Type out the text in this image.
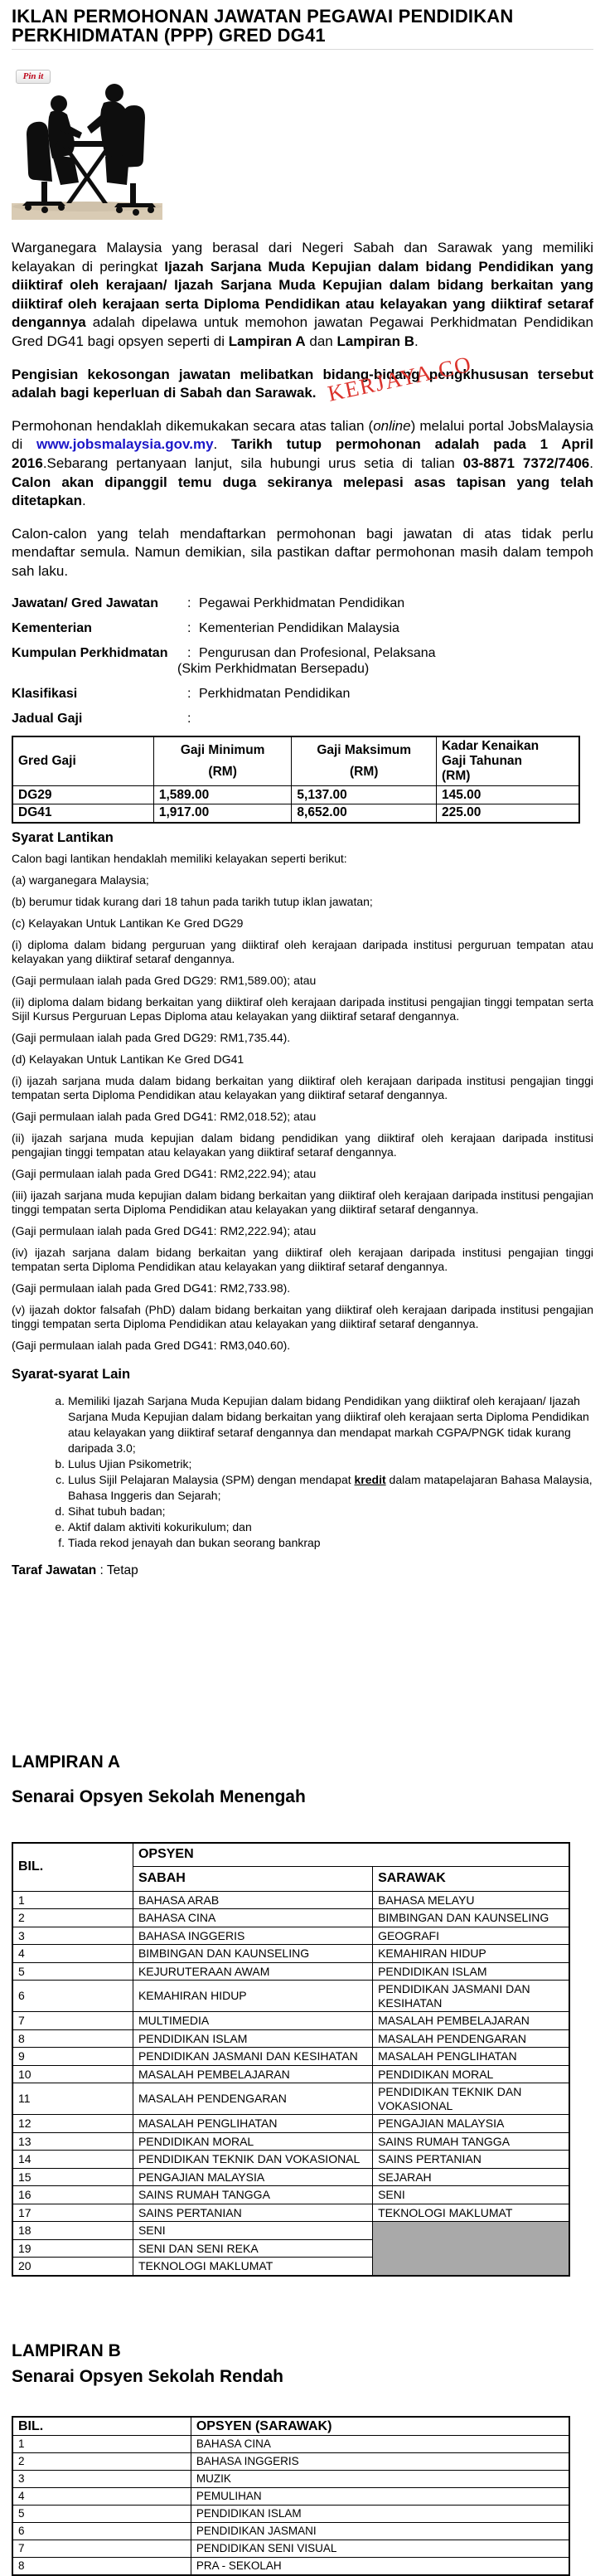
IKLAN PERMOHONAN JAWATAN PEGAWAI PENDIDIKAN PERKHIDMATAN (PPP) GRED DG41
Pin it

Warganegara Malaysia yang berasal dari Negeri Sabah dan Sarawak yang memiliki kelayakan di peringkat Ijazah Sarjana Muda Kepujian dalam bidang Pendidikan yang diiktiraf oleh kerajaan/ Ijazah Sarjana Muda Kepujian dalam bidang berkaitan yang diiktiraf oleh kerajaan serta Diploma Pendidikan atau kelayakan yang diiktiraf setaraf dengannya adalah dipelawa untuk memohon jawatan Pegawai Perkhidmatan Pendidikan Gred DG41 bagi opsyen seperti di Lampiran A dan Lampiran B.

Pengisian kekosongan jawatan melibatkan bidang-bidang pengkhususan tersebut adalah bagi keperluan di Sabah dan Sarawak.

Permohonan hendaklah dikemukakan secara atas talian (online) melalui portal JobsMalaysia di www.jobsmalaysia.gov.my. Tarikh tutup permohonan adalah pada 1 April 2016.Sebarang pertanyaan lanjut, sila hubungi urus setia di talian 03-8871 7372/7406. Calon akan dipanggil temu duga sekiranya melepasi asas tapisan yang telah ditetapkan.

Calon-calon yang telah mendaftarkan permohonan bagi jawatan di atas tidak perlu mendaftar semula. Namun demikian, sila pastikan daftar permohonan masih dalam tempoh sah laku.

Jawatan/ Gred Jawatan	: Pegawai Perkhidmatan Pendidikan
Kementerian	: Kementerian Pendidikan Malaysia
Kumpulan Perkhidmatan	: Pengurusan dan Profesional, Pelaksana
(Skim Perkhidmatan Bersepadu)
Klasifikasi	: Perkhidmatan Pendidikan
Jadual Gaji	:
Gred Gaji

Gaji Minimum
(RM)

Gaji Maksimum
(RM)

Kadar Kenaikan
Gaji Tahunan
(RM)

DG29	1,589.00	5,137.00	145.00
DG41	1,917.00	8,652.00	225.00
Syarat Lantikan

Calon bagi lantikan hendaklah memiliki kelayakan seperti berikut:

(a) warganegara Malaysia;

(b) berumur tidak kurang dari 18 tahun pada tarikh tutup iklan jawatan;

(c) Kelayakan Untuk Lantikan Ke Gred DG29

(i) diploma dalam bidang perguruan yang diiktiraf oleh kerajaan daripada institusi perguruan tempatan atau kelayakan yang diiktiraf setaraf dengannya.

(Gaji permulaan ialah pada Gred DG29: RM1,589.00); atau

(ii) diploma dalam bidang berkaitan yang diiktiraf oleh kerajaan daripada institusi pengajian tinggi tempatan serta Sijil Kursus Perguruan Lepas Diploma atau kelayakan yang diiktiraf setaraf dengannya.

(Gaji permulaan ialah pada Gred DG29: RM1,735.44).

(d) Kelayakan Untuk Lantikan Ke Gred DG41

(i) ijazah sarjana muda dalam bidang berkaitan yang diiktiraf oleh kerajaan daripada institusi pengajian tinggi tempatan serta Diploma Pendidikan atau kelayakan yang diiktiraf setaraf dengannya.

(Gaji permulaan ialah pada Gred DG41: RM2,018.52); atau

(ii) ijazah sarjana muda kepujian dalam bidang pendidikan yang diiktiraf oleh kerajaan daripada institusi pengajian tinggi tempatan atau kelayakan yang diiktiraf setaraf dengannya.

(Gaji permulaan ialah pada Gred DG41: RM2,222.94); atau

(iii) ijazah sarjana muda kepujian dalam bidang berkaitan yang diiktiraf oleh kerajaan daripada institusi pengajian tinggi tempatan serta Diploma Pendidikan atau kelayakan yang diiktiraf setaraf dengannya.

(Gaji permulaan ialah pada Gred DG41: RM2,222.94); atau

(iv) ijazah sarjana dalam bidang berkaitan yang diiktiraf oleh kerajaan daripada institusi pengajian tinggi tempatan serta Diploma Pendidikan atau kelayakan yang diiktiraf setaraf dengannya.

(Gaji permulaan ialah pada Gred DG41: RM2,733.98).

(v) ijazah doktor falsafah (PhD) dalam bidang berkaitan yang diiktiraf oleh kerajaan daripada institusi pengajian tinggi tempatan serta Diploma Pendidikan atau kelayakan yang diiktiraf setaraf dengannya.

(Gaji permulaan ialah pada Gred DG41: RM3,040.60).

Syarat-syarat Lain
Memiliki Ijazah Sarjana Muda Kepujian dalam bidang Pendidikan yang diiktiraf oleh kerajaan/ Ijazah Sarjana Muda Kepujian dalam bidang berkaitan yang diiktiraf oleh kerajaan serta Diploma Pendidikan atau kelayakan yang diiktiraf setaraf dengannya dan mendapat markah CGPA/PNGK tidak kurang daripada 3.0;
Lulus Ujian Psikometrik;
Lulus Sijil Pelajaran Malaysia (SPM) dengan mendapat kredit dalam matapelajaran Bahasa Malaysia, Bahasa Inggeris dan Sejarah;
Sihat tubuh badan;
Aktif dalam aktiviti kokurikulum; dan
Tiada rekod jenayah dan bukan seorang bankrap

Taraf Jawatan : Tetap

LAMPIRAN A
Senarai Opsyen Sekolah Menengah
BIL.	OPSYEN	
	SABAH	SARAWAK
1	BAHASA ARAB	BAHASA MELAYU
2	BAHASA CINA	BIMBINGAN DAN KAUNSELING
3	BAHASA INGGERIS	GEOGRAFI
4	BIMBINGAN DAN KAUNSELING	KEMAHIRAN HIDUP
5	KEJURUTERAAN AWAM	PENDIDIKAN ISLAM
6	KEMAHIRAN HIDUP	PENDIDIKAN JASMANI DAN KESIHATAN
7	MULTIMEDIA	MASALAH PEMBELAJARAN
8	PENDIDIKAN ISLAM	MASALAH PENDENGARAN
9	PENDIDIKAN JASMANI DAN KESIHATAN	MASALAH PENGLIHATAN
10	MASALAH PEMBELAJARAN	PENDIDIKAN MORAL
11	MASALAH PENDENGARAN	PENDIDIKAN TEKNIK DAN VOKASIONAL
12	MASALAH PENGLIHATAN	PENGAJIAN MALAYSIA
13	PENDIDIKAN MORAL	SAINS RUMAH TANGGA
14	PENDIDIKAN TEKNIK DAN VOKASIONAL	SAINS PERTANIAN
15	PENGAJIAN MALAYSIA	SEJARAH
16	SAINS RUMAH TANGGA	SENI
17	SAINS PERTANIAN	TEKNOLOGI MAKLUMAT
18	SENI	
19	SENI DAN SENI REKA	
20	TEKNOLOGI MAKLUMAT	
LAMPIRAN B
Senarai Opsyen Sekolah Rendah
BIL.	OPSYEN (SARAWAK)
1	BAHASA CINA
2	BAHASA INGGERIS
3	MUZIK
4	PEMULIHAN
5	PENDIDIKAN ISLAM
6	PENDIDIKAN JASMANI
7	PENDIDIKAN SENI VISUAL
8	PRA - SEKOLAH
KERJAYA.CO
